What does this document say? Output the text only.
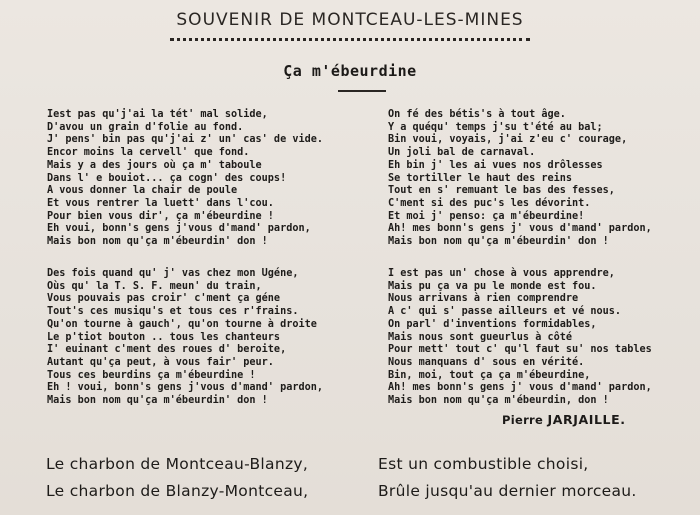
SOUVENIR DE MONTCEAU-LES-MINES
Ça m'ébeurdine
Iest pas qu'j'ai la tét' mal solide,
D'avou un grain d'folie au fond.
J' pens' bin pas qu'j'ai z' un' cas' de vide.
Encor moins la cervell' que fond.
Mais y a des jours où ça m' taboule
Dans l' e bouiot... ça cogn' des coups!
A vous donner la chair de poule
Et vous rentrer la luett' dans l'cou.
Pour bien vous dir', ça m'ébeurdine !
Eh voui, bonn's gens j'vous d'mand' pardon,
Mais bon nom qu'ça m'ébeurdin' don !
On fé des bétis's à tout âge.
Y a quéqu' temps j'su t'été au bal;
Bin voui, voyais, j'ai z'eu c' courage,
Un joli bal de carnaval.
Eh bin j' les ai vues nos drôlesses
Se tortiller le haut des reins
Tout en s' remuant le bas des fesses,
C'ment si des puc's les dévorint.
Et moi j' penso: ça m'ébeurdine!
Ah! mes bonn's gens j' vous d'mand' pardon,
Mais bon nom qu'ça m'ébeurdin' don !
Des fois quand qu' j' vas chez mon Ugéne,
Oùs qu' la T. S. F. meun' du train,
Vous pouvais pas croir' c'ment ça géne
Tout's ces musiqu's et tous ces r'frains.
Qu'on tourne à gauch', qu'on tourne à droite
Le p'tiot bouton .. tous les chanteurs
I' euinant c'ment des roues d' beroite,
Autant qu'ça peut, à vous fair' peur.
Tous ces beurdins ça m'ébeurdine !
Eh ! voui, bonn's gens j'vous d'mand' pardon,
Mais bon nom qu'ça m'ébeurdin' don !
I est pas un' chose à vous apprendre,
Mais pu ça va pu le monde est fou.
Nous arrivans à rien comprendre
A c' qui s' passe ailleurs et vé nous.
On parl' d'inventions formidables,
Mais nous sont gueurlus à côté
Pour mett' tout c' qu'l faut su' nos tables
Nous manquans d' sous en vérité.
Bin, moi, tout ça ça m'ébeurdine,
Ah! mes bonn's gens j' vous d'mand' pardon,
Mais bon nom qu'ça m'ébeurdin, don !
Pierre JARJAILLE.
Le charbon de Montceau-Blanzy,
Le charbon de Blanzy-Montceau,
Est un combustible choisi,
Brûle jusqu'au dernier morceau.
